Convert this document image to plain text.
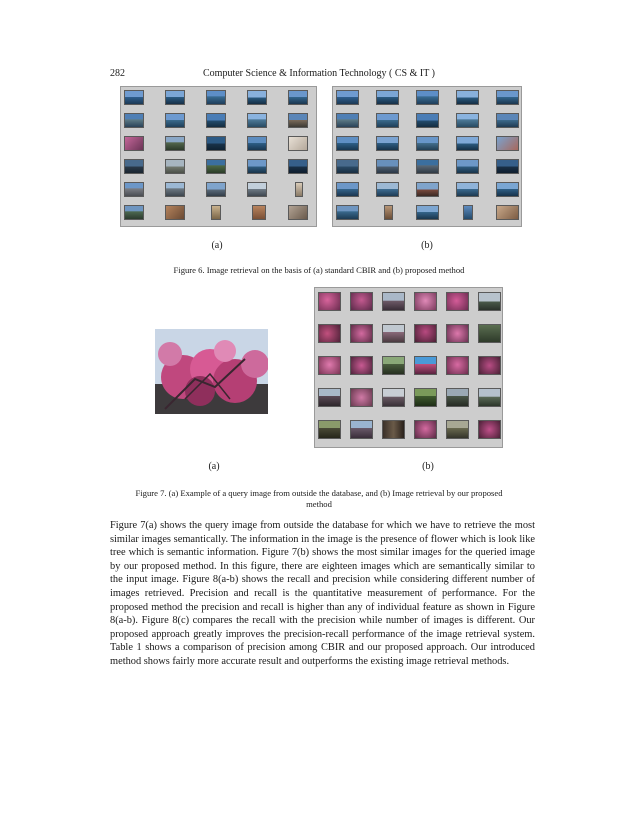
282	Computer Science & Information Technology ( CS & IT )
(a)	(b)
Figure 6. Image retrieval on the basis of (a) standard CBIR and (b) proposed method
(a)	(b)
Figure 7. (a) Example of a query image from outside the database, and (b) Image retrieval by our proposed
method
Figure 7(a) shows the query image from outside the database for which we have to retrieve the most similar images semantically. The information in the image is the presence of flower which is look like tree which is semantic information. Figure 7(b) shows the most similar images for the queried image by our proposed method. In this figure, there are eighteen images which are semantically similar to the input image. Figure 8(a-b) shows the recall and precision while considering different number of images retrieved. Precision and recall is the quantitative measurement of performance. For the proposed method the precision and recall is higher than any of individual feature as shown in Figure 8(a-b). Figure 8(c) compares the recall with the precision while number of images is different. Our proposed approach greatly improves the precision-recall performance of the image retrieval system. Table 1 shows a comparison of precision among CBIR and our proposed approach. Our introduced method shows fairly more accurate result and outperforms the existing image retrieval methods.
